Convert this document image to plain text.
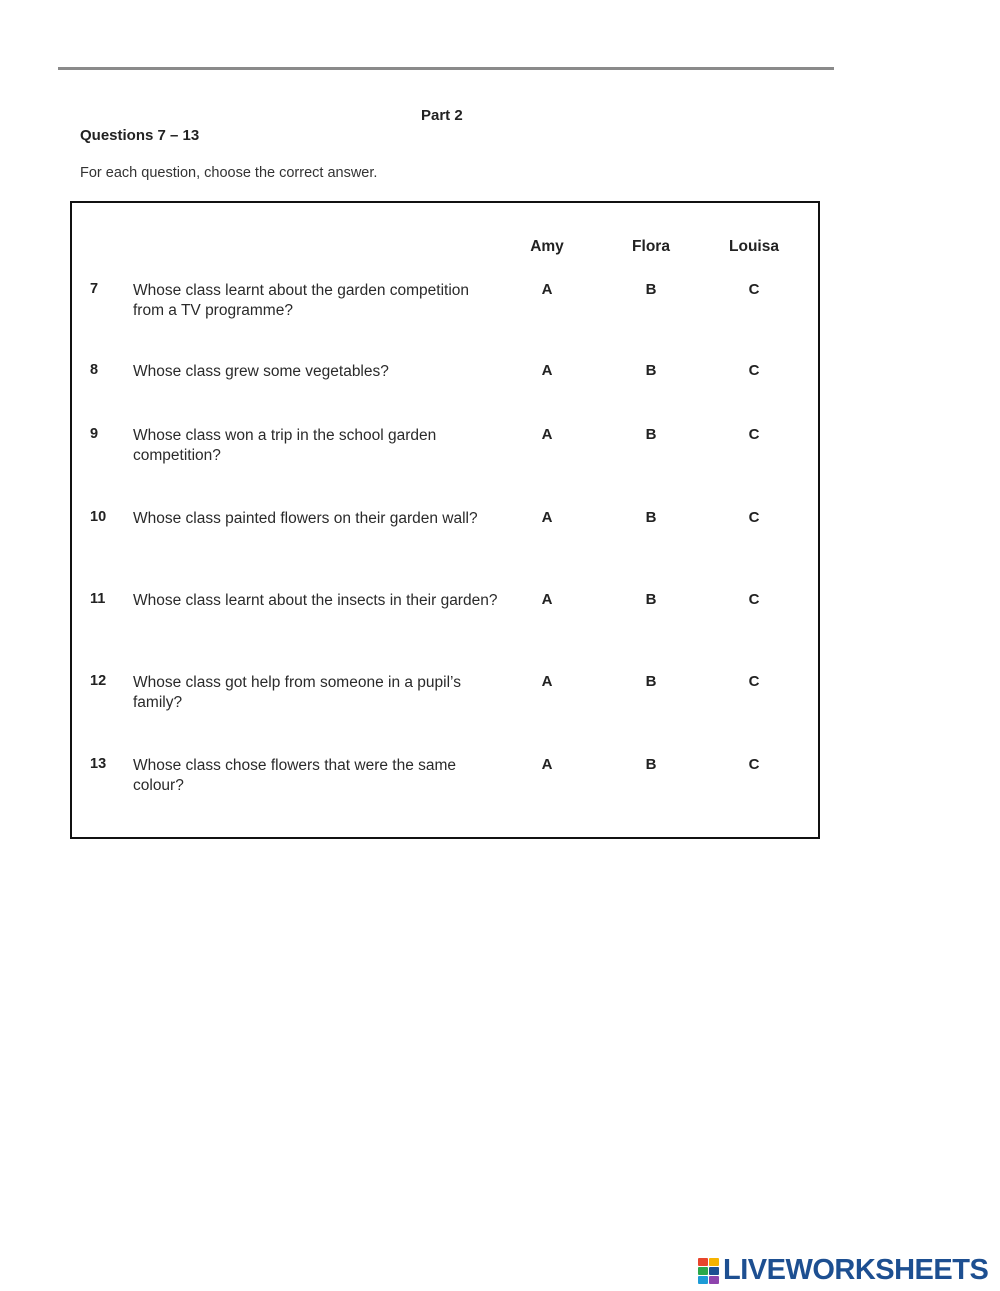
Part 2
Questions 7 – 13
For each question, choose the correct answer.
Amy	Flora	Louisa
7 Whose class learnt about the garden competition from a TV programme?
A	B	C
8 Whose class grew some vegetables?	A	B	C
9 Whose class won a trip in the school garden competition?
A	B	C
10 Whose class painted flowers on their garden wall?	A	B	C
11 Whose class learnt about the insects in their garden?	A	B	C
12 Whose class got help from someone in a pupil’s family?
A	B	C
13 Whose class chose flowers that were the same colour?
A	B	C
LIVEWORKSHEETS
